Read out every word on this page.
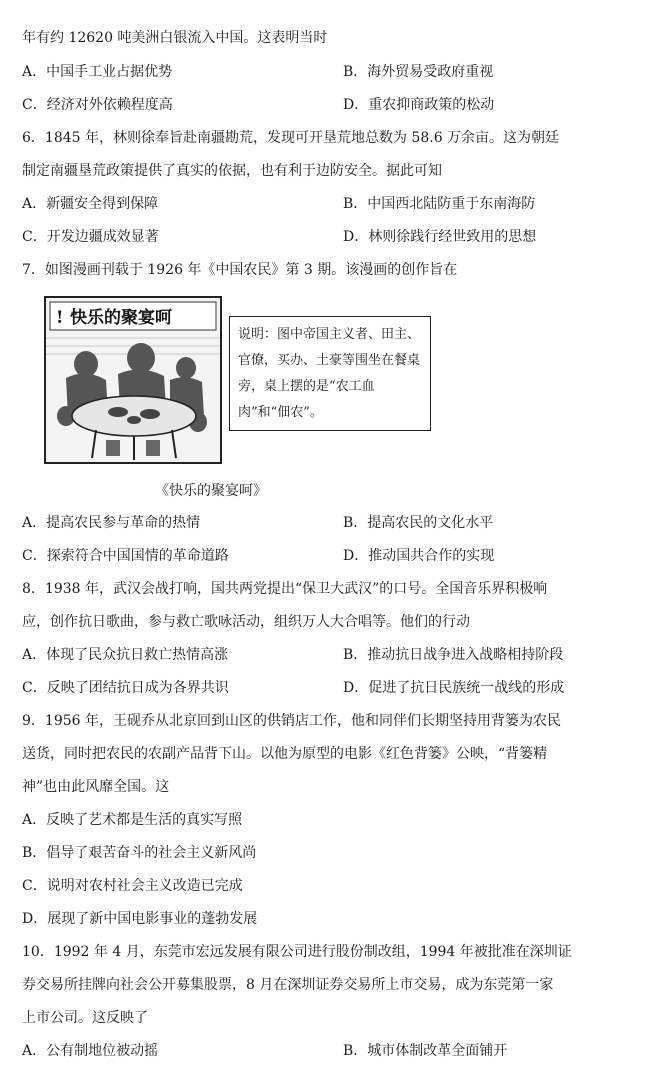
年有约 12620 吨美洲白银流入中国。这表明当时
A．中国手工业占据优势	B．海外贸易受政府重视
C．经济对外依赖程度高	D．重农抑商政策的松动
6．1845 年，林则徐奉旨赴南疆勘荒，发现可开垦荒地总数为 58.6 万余亩。这为朝廷
制定南疆垦荒政策提供了真实的依据，也有利于边防安全。据此可知
A．新疆安全得到保障	B．中国西北陆防重于东南海防
C．开发边疆成效显著	D．林则徐践行经世致用的思想
7．如图漫画刊载于 1926 年《中国农民》第 3 期。该漫画的创作旨在
! 快乐的聚宴呵
说明：图中帝国主义者、田主、官僚，买办、土豪等围坐在餐桌旁，桌上摆的是“农工血肉”和“佃农”。
《快乐的聚宴呵》
A．提高农民参与革命的热情	B．提高农民的文化水平
C．探索符合中国国情的革命道路	D．推动国共合作的实现
8．1938 年，武汉会战打响，国共两党提出“保卫大武汉”的口号。全国音乐界积极响
应，创作抗日歌曲，参与救亡歌咏活动，组织万人大合唱等。他们的行动
A．体现了民众抗日救亡热情高涨	B．推动抗日战争进入战略相持阶段
C．反映了团结抗日成为各界共识	D．促进了抗日民族统一战线的形成
9．1956 年，王砚乔从北京回到山区的供销店工作，他和同伴们长期坚持用背篓为农民
送货，同时把农民的农副产品背下山。以他为原型的电影《红色背篓》公映，“背篓精
神”也由此风靡全国。这
A．反映了艺术都是生活的真实写照
B．倡导了艰苦奋斗的社会主义新风尚
C．说明对农村社会主义改造已完成
D．展现了新中国电影事业的蓬勃发展
10．1992 年 4 月，东莞市宏远发展有限公司进行股份制改组，1994 年被批准在深圳证
券交易所挂牌向社会公开募集股票，8 月在深圳证券交易所上市交易，成为东莞第一家
上市公司。这反映了
A．公有制地位被动摇	B．城市体制改革全面铺开
